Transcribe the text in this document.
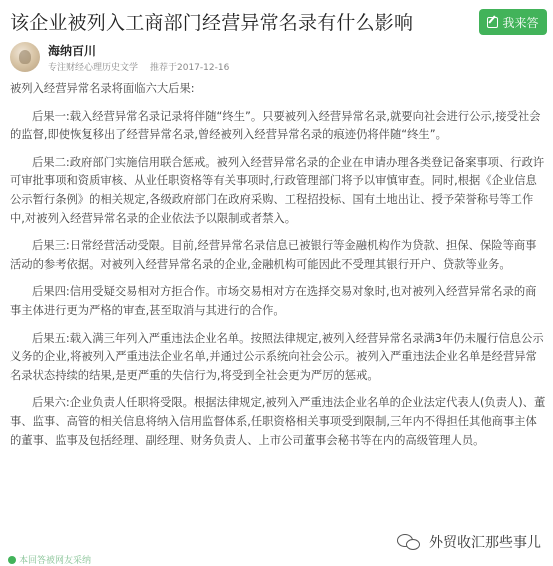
该企业被列入工商部门经营异常名录有什么影响	我来答
海纳百川
专注财经心理历史文学 推荐于2017-12-16

被列入经营异常名录将面临六大后果:

后果一:载入经营异常名录记录将伴随“终生”。只要被列入经营异常名录,就要向社会进行公示,接受社会的监督,即使恢复移出了经营异常名录,曾经被列入经营异常名录的痕迹仍将伴随“终生”。

后果二:政府部门实施信用联合惩戒。被列入经营异常名录的企业在申请办理各类登记备案事项、行政许可审批事项和资质审核、从业任职资格等有关事项时,行政管理部门将予以审慎审查。同时,根据《企业信息公示暂行条例》的相关规定,各级政府部门在政府采购、工程招投标、国有土地出让、授予荣誉称号等工作中,对被列入经营异常名录的企业依法予以限制或者禁入。

后果三:日常经营活动受限。目前,经营异常名录信息已被银行等金融机构作为贷款、担保、保险等商事活动的参考依据。对被列入经营异常名录的企业,金融机构可能因此不受理其银行开户、贷款等业务。

后果四:信用受疑交易相对方拒合作。市场交易相对方在选择交易对象时,也对被列入经营异常名录的商事主体进行更为严格的审查,甚至取消与其进行的合作。

后果五:载入满三年列入严重违法企业名单。按照法律规定,被列入经营异常名录满3年仍未履行信息公示义务的企业,将被列入严重违法企业名单,并通过公示系统向社会公示。被列入严重违法企业名单是经营异常名录状态持续的结果,是更严重的失信行为,将受到全社会更为严厉的惩戒。

后果六:企业负责人任职将受限。根据法律规定,被列入严重违法企业名单的企业法定代表人(负责人)、董事、监事、高管的相关信息将纳入信用监督体系,任职资格相关事项受到限制,三年内不得担任其他商事主体的董事、监事及包括经理、副经理、财务负责人、上市公司董事会秘书等在内的高级管理人员。

本回答被网友采纳
外贸收汇那些事儿
